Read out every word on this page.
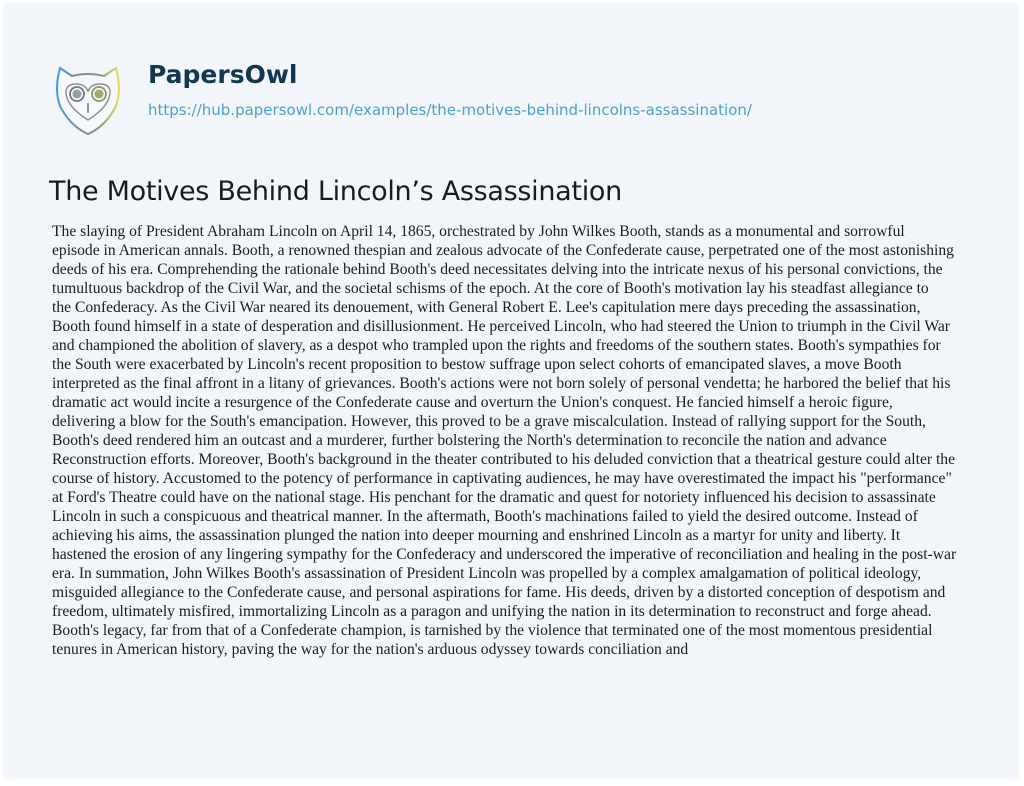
PapersOwl
https://hub.papersowl.com/examples/the-motives-behind-lincolns-assassination/
The Motives Behind Lincoln’s Assassination
The slaying of President Abraham Lincoln on April 14, 1865, orchestrated by John Wilkes Booth, stands as a monumental and sorrowful
episode in American annals. Booth, a renowned thespian and zealous advocate of the Confederate cause, perpetrated one of the most astonishing
deeds of his era. Comprehending the rationale behind Booth's deed necessitates delving into the intricate nexus of his personal convictions, the
tumultuous backdrop of the Civil War, and the societal schisms of the epoch. At the core of Booth's motivation lay his steadfast allegiance to
the Confederacy. As the Civil War neared its denouement, with General Robert E. Lee's capitulation mere days preceding the assassination,
Booth found himself in a state of desperation and disillusionment. He perceived Lincoln, who had steered the Union to triumph in the Civil War
and championed the abolition of slavery, as a despot who trampled upon the rights and freedoms of the southern states. Booth's sympathies for
the South were exacerbated by Lincoln's recent proposition to bestow suffrage upon select cohorts of emancipated slaves, a move Booth
interpreted as the final affront in a litany of grievances. Booth's actions were not born solely of personal vendetta; he harbored the belief that his
dramatic act would incite a resurgence of the Confederate cause and overturn the Union's conquest. He fancied himself a heroic figure,
delivering a blow for the South's emancipation. However, this proved to be a grave miscalculation. Instead of rallying support for the South,
Booth's deed rendered him an outcast and a murderer, further bolstering the North's determination to reconcile the nation and advance
Reconstruction efforts. Moreover, Booth's background in the theater contributed to his deluded conviction that a theatrical gesture could alter the
course of history. Accustomed to the potency of performance in captivating audiences, he may have overestimated the impact his "performance"
at Ford's Theatre could have on the national stage. His penchant for the dramatic and quest for notoriety influenced his decision to assassinate
Lincoln in such a conspicuous and theatrical manner. In the aftermath, Booth's machinations failed to yield the desired outcome. Instead of
achieving his aims, the assassination plunged the nation into deeper mourning and enshrined Lincoln as a martyr for unity and liberty. It
hastened the erosion of any lingering sympathy for the Confederacy and underscored the imperative of reconciliation and healing in the post-war
era. In summation, John Wilkes Booth's assassination of President Lincoln was propelled by a complex amalgamation of political ideology,
misguided allegiance to the Confederate cause, and personal aspirations for fame. His deeds, driven by a distorted conception of despotism and
freedom, ultimately misfired, immortalizing Lincoln as a paragon and unifying the nation in its determination to reconstruct and forge ahead.
Booth's legacy, far from that of a Confederate champion, is tarnished by the violence that terminated one of the most momentous presidential
tenures in American history, paving the way for the nation's arduous odyssey towards conciliation and
